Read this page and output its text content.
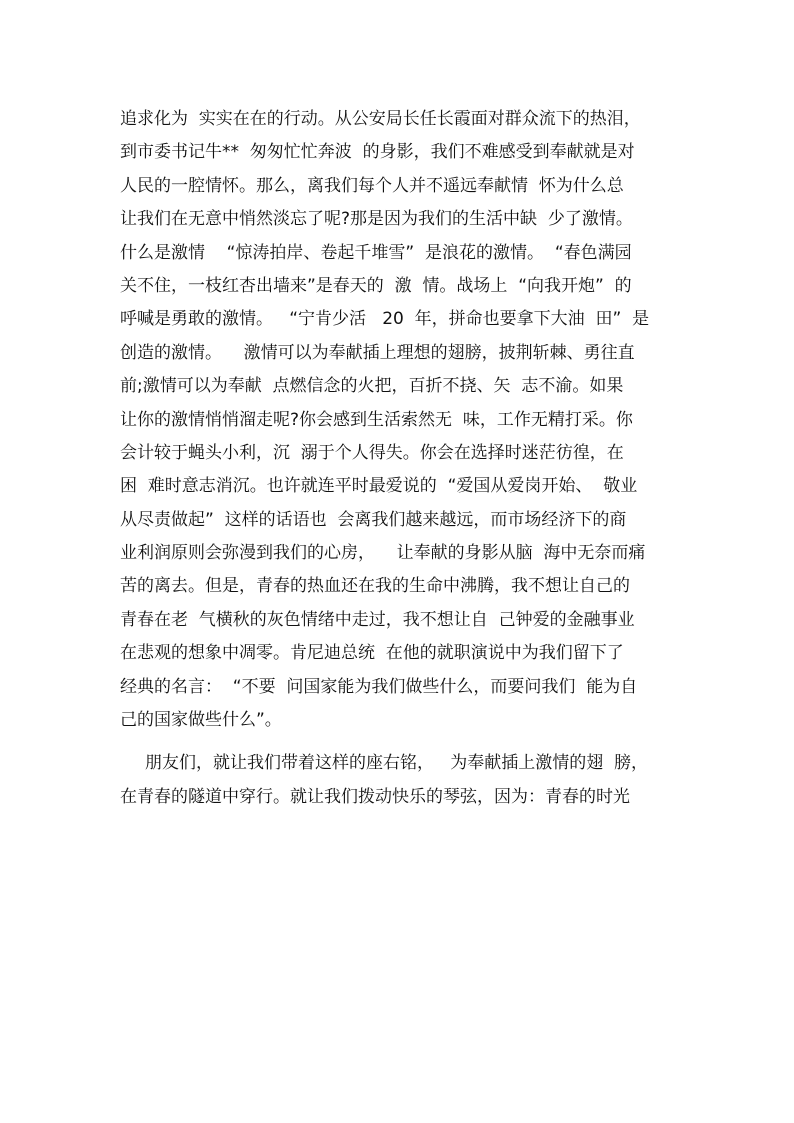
追求化为  实实在在的行动。从公安局长任长霞面对群众流下的热泪，
到市委书记牛**  匆匆忙忙奔波  的身影，我们不难感受到奉献就是对
人民的一腔情怀。那么，离我们每个人并不遥远奉献情  怀为什么总
让我们在无意中悄然淡忘了呢?那是因为我们的生活中缺  少了激情。
什么是激情    “惊涛拍岸、卷起千堆雪”  是浪花的激情。  “春色满园
关不住，一枝红杏出墙来”是春天的  激  情。战场上  “向我开炮”  的
呼喊是勇敢的激情。   “宁肯少活   20  年，拼命也要拿下大油  田”  是
创造的激情。    激情可以为奉献插上理想的翅膀，披荆斩棘、勇往直
前;激情可以为奉献  点燃信念的火把，百折不挠、矢  志不渝。如果
让你的激情悄悄溜走呢?你会感到生活索然无  味，工作无精打采。你
会计较于蝇头小利，沉  溺于个人得失。你会在选择时迷茫彷徨，在
困  难时意志消沉。也许就连平时最爱说的  “爱国从爱岗开始、  敬业
从尽责做起”  这样的话语也  会离我们越来越远，而市场经济下的商
业利润原则会弥漫到我们的心房，    让奉献的身影从脑  海中无奈而痛
苦的离去。但是，青春的热血还在我的生命中沸腾，我不想让自己的
青春在老  气横秋的灰色情绪中走过，我不想让自  己钟爱的金融事业
在悲观的想象中凋零。肯尼迪总统  在他的就职演说中为我们留下了
经典的名言：  “不要  问国家能为我们做些什么，而要问我们  能为自
己的国家做些什么”。
朋友们，就让我们带着这样的座右铭，   为奉献插上激情的翅  膀，
在青春的隧道中穿行。就让我们拨动快乐的琴弦，因为：青春的时光
